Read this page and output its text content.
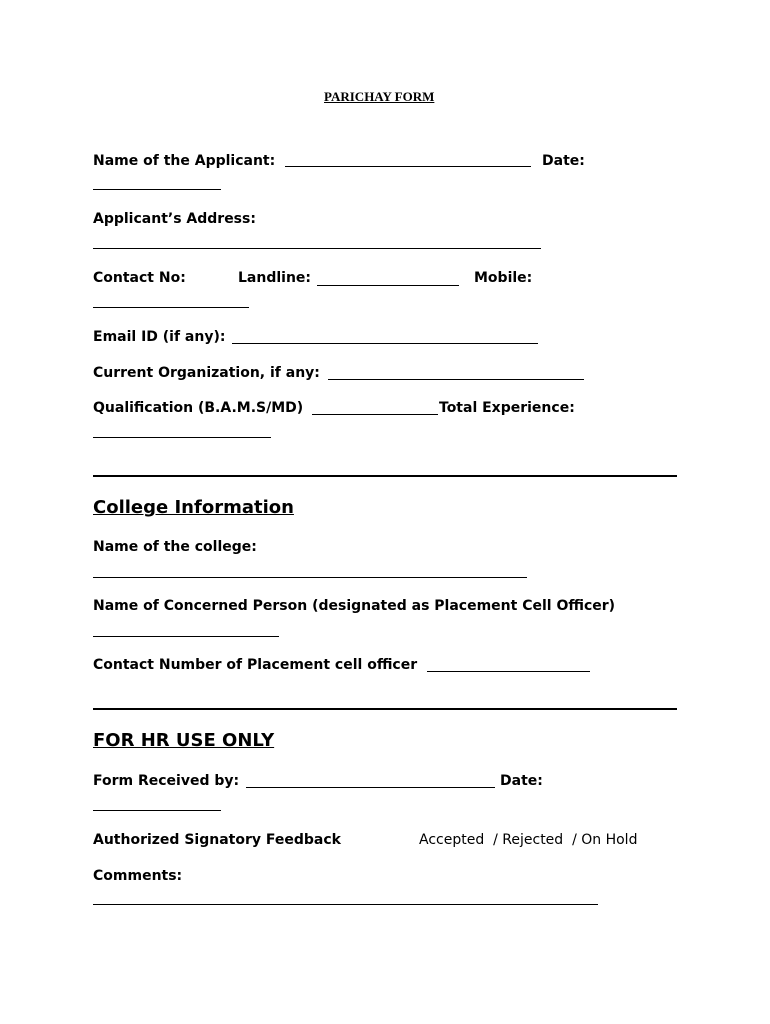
PARICHAY FORM
Name of the Applicant:	Date:
Applicant’s Address:
Contact No:	Landline:	Mobile:
Email ID (if any):
Current Organization, if any:
Qualification (B.A.M.S/MD)	Total Experience:
College Information
Name of the college:
Name of Concerned Person (designated as Placement Cell Officer)
Contact Number of Placement cell officer
FOR HR USE ONLY
Form Received by:	Date:
Authorized Signatory Feedback	Accepted  / Rejected  / On Hold
Comments:
